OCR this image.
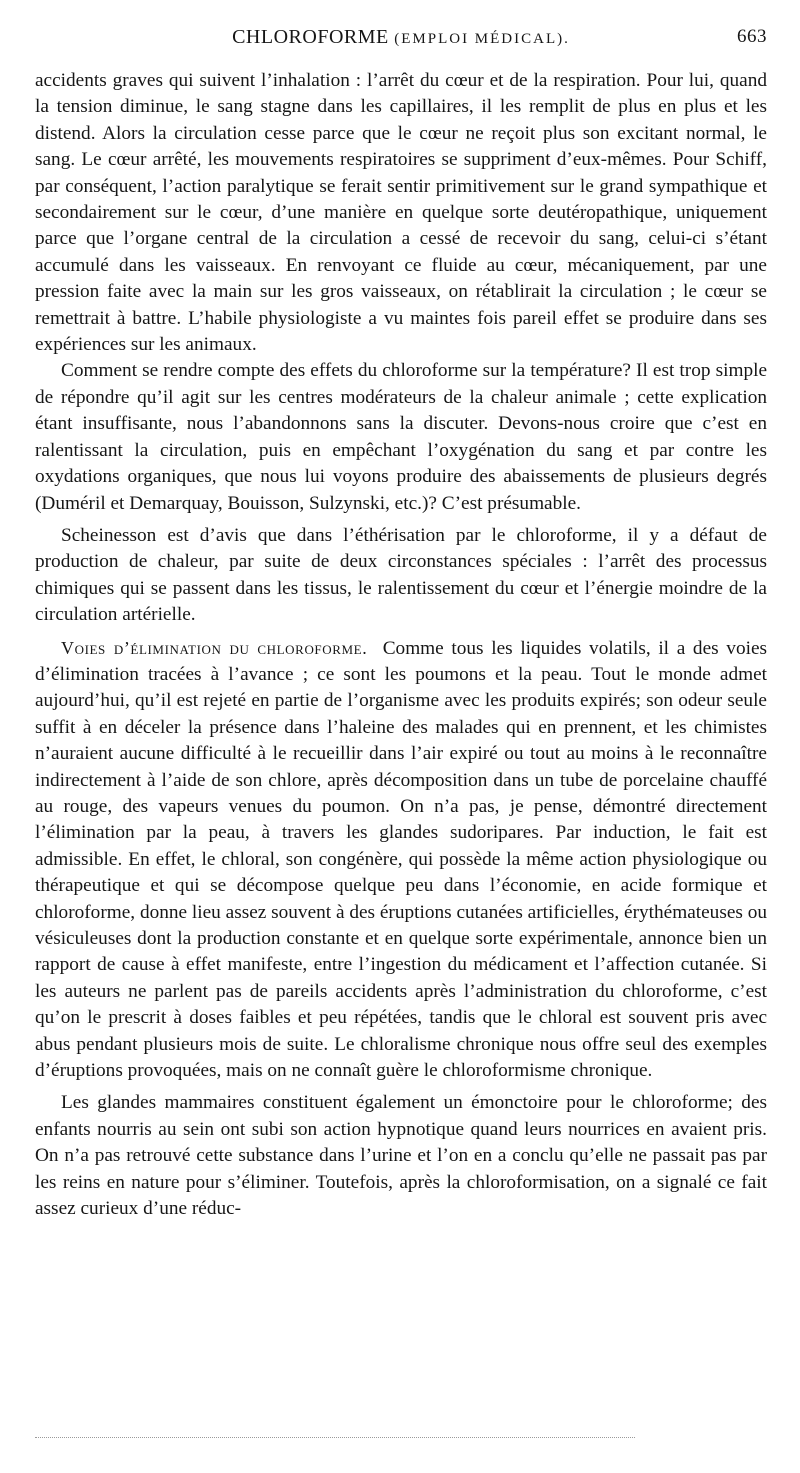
CHLOROFORME (EMPLOI MÉDICAL).	663

accidents graves qui suivent l’inhalation : l’arrêt du cœur et de la respiration. Pour lui, quand la tension diminue, le sang stagne dans les capillaires, il les remplit de plus en plus et les distend. Alors la circulation cesse parce que le cœur ne reçoit plus son excitant normal, le sang. Le cœur arrêté, les mouvements respiratoires se suppriment d’eux-mêmes. Pour Schiff, par conséquent, l’action paralytique se ferait sentir primitivement sur le grand sympathique et secondairement sur le cœur, d’une manière en quelque sorte deutéropathique, uniquement parce que l’organe central de la circulation a cessé de recevoir du sang, celui-ci s’étant accumulé dans les vaisseaux. En renvoyant ce fluide au cœur, mécaniquement, par une pression faite avec la main sur les gros vaisseaux, on rétablirait la circulation ; le cœur se remettrait à battre. L’habile physiologiste a vu maintes fois pareil effet se produire dans ses expériences sur les animaux.

Comment se rendre compte des effets du chloroforme sur la température? Il est trop simple de répondre qu’il agit sur les centres modérateurs de la chaleur animale ; cette explication étant insuffisante, nous l’abandonnons sans la discuter. Devons-nous croire que c’est en ralentissant la circulation, puis en empêchant l’oxygénation du sang et par contre les oxydations organiques, que nous lui voyons produire des abaissements de plusieurs degrés (Duméril et Demarquay, Bouisson, Sulzynski, etc.)? C’est présumable.

Scheinesson est d’avis que dans l’éthérisation par le chloroforme, il y a défaut de production de chaleur, par suite de deux circonstances spéciales : l’arrêt des processus chimiques qui se passent dans les tissus, le ralentissement du cœur et l’énergie moindre de la circulation artérielle.

Voies d’élimination du chloroforme. Comme tous les liquides volatils, il a des voies d’élimination tracées à l’avance ; ce sont les poumons et la peau. Tout le monde admet aujourd’hui, qu’il est rejeté en partie de l’organisme avec les produits expirés; son odeur seule suffit à en déceler la présence dans l’haleine des malades qui en prennent, et les chimistes n’auraient aucune difficulté à le recueillir dans l’air expiré ou tout au moins à le reconnaître indirectement à l’aide de son chlore, après décomposition dans un tube de porcelaine chauffé au rouge, des vapeurs venues du poumon. On n’a pas, je pense, démontré directement l’élimination par la peau, à travers les glandes sudoripares. Par induction, le fait est admissible. En effet, le chloral, son congénère, qui possède la même action physiologique ou thérapeutique et qui se décompose quelque peu dans l’économie, en acide formique et chloroforme, donne lieu assez souvent à des éruptions cutanées artificielles, érythémateuses ou vésiculeuses dont la production constante et en quelque sorte expérimentale, annonce bien un rapport de cause à effet manifeste, entre l’ingestion du médicament et l’affection cutanée. Si les auteurs ne parlent pas de pareils accidents après l’administration du chloroforme, c’est qu’on le prescrit à doses faibles et peu répétées, tandis que le chloral est souvent pris avec abus pendant plusieurs mois de suite. Le chloralisme chronique nous offre seul des exemples d’éruptions provoquées, mais on ne connaît guère le chloroformisme chronique.

Les glandes mammaires constituent également un émonctoire pour le chloroforme; des enfants nourris au sein ont subi son action hypnotique quand leurs nourrices en avaient pris. On n’a pas retrouvé cette substance dans l’urine et l’on en a conclu qu’elle ne passait pas par les reins en nature pour s’éliminer. Toutefois, après la chloroformisation, on a signalé ce fait assez curieux d’une réduc-
